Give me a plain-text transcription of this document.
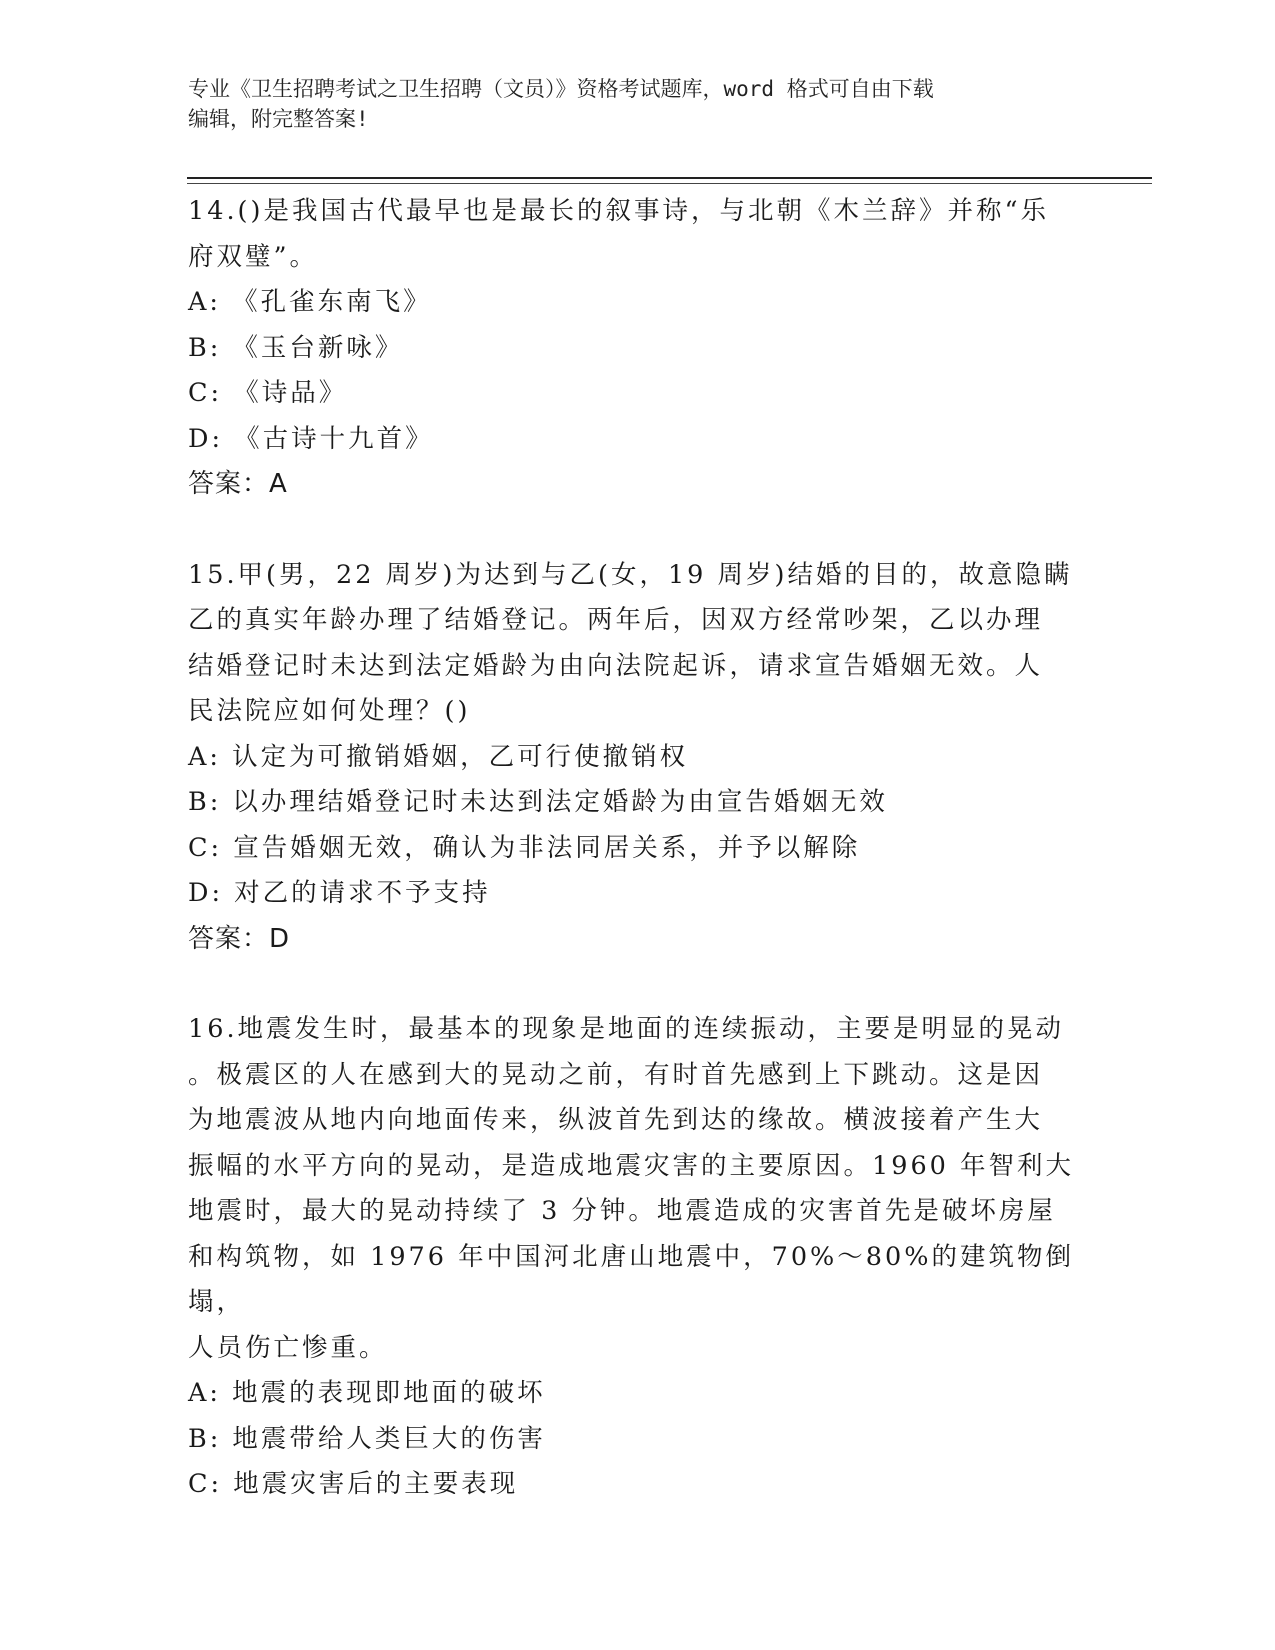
专业《卫生招聘考试之卫生招聘（文员）》资格考试题库，word 格式可自由下载
编辑，附完整答案!

14.()是我国古代最早也是最长的叙事诗，与北朝《木兰辞》并称“乐

府双璧”。

A: 《孔雀东南飞》

B: 《玉台新咏》

C: 《诗品》

D: 《古诗十九首》

答案：A

15.甲(男，22 周岁)为达到与乙(女，19 周岁)结婚的目的，故意隐瞒

乙的真实年龄办理了结婚登记。两年后，因双方经常吵架，乙以办理

结婚登记时未达到法定婚龄为由向法院起诉，请求宣告婚姻无效。人

民法院应如何处理？()

A: 认定为可撤销婚姻，乙可行使撤销权

B: 以办理结婚登记时未达到法定婚龄为由宣告婚姻无效

C: 宣告婚姻无效，确认为非法同居关系，并予以解除

D: 对乙的请求不予支持

答案：D

16.地震发生时，最基本的现象是地面的连续振动，主要是明显的晃动

。极震区的人在感到大的晃动之前，有时首先感到上下跳动。这是因

为地震波从地内向地面传来，纵波首先到达的缘故。横波接着产生大

振幅的水平方向的晃动，是造成地震灾害的主要原因。1960 年智利大

地震时，最大的晃动持续了 3 分钟。地震造成的灾害首先是破坏房屋

和构筑物，如 1976 年中国河北唐山地震中，70%～80%的建筑物倒塌，

人员伤亡惨重。

A: 地震的表现即地面的破坏

B: 地震带给人类巨大的伤害

C: 地震灾害后的主要表现
